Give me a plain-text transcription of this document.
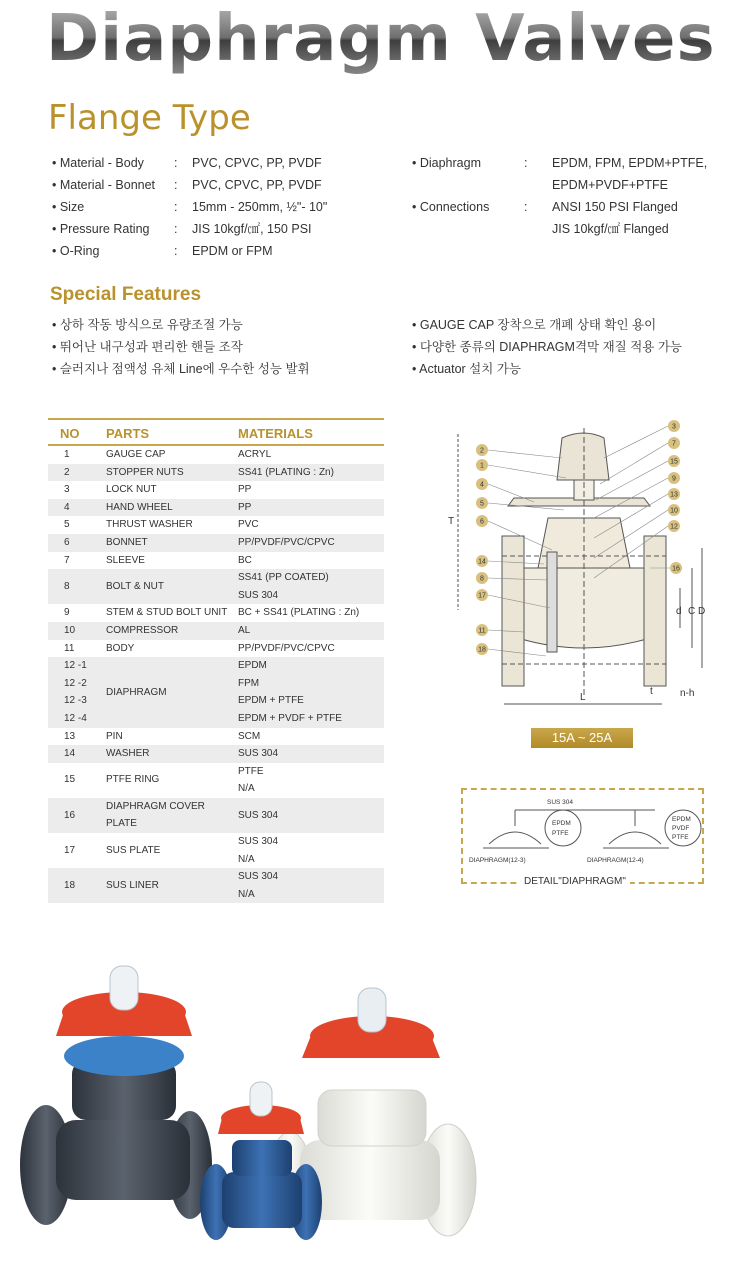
Diaphragm Valves
Flange Type
• Material - Body : PVC, CPVC, PP, PVDF
• Material - Bonnet : PVC, CPVC, PP, PVDF
• Size	: 15mm - 250mm, ½"- 10"
• Pressure Rating : JIS 10kgf/㎠, 150 PSI
• O-Ring	: EPDM or FPM
• Diaphragm	: EPDM, FPM, EPDM+PTFE,
EPDM+PVDF+PTFE
• Connections	: ANSI 150 PSI Flanged
JIS 10kgf/㎠ Flanged
Special Features
• 상하 작동 방식으로 유량조절 가능
• 뛰어난 내구성과 편리한 핸들 조작
• 슬러지나 점액성 유체 Line에 우수한 성능 발휘
• GAUGE CAP 장착으로 개폐 상태 확인 용이
• 다양한 종류의 DIAPHRAGM격막 재질 적용 가능
• Actuator 설치 가능
NO	PARTS	MATERIALS
1	GAUGE CAP	ACRYL
2	STOPPER NUTS	SS41 (PLATING : Zn)
3	LOCK NUT	PP
4	HAND WHEEL	PP
5	THRUST WASHER	PVC
6	BONNET	PP/PVDF/PVC/CPVC
7	SLEEVE	BC
8	BOLT & NUT	SS41 (PP COATED)
		SUS 304
9	STEM & STUD BOLT UNIT	BC + SS41 (PLATING : Zn)
10	COMPRESSOR	AL
11	BODY	PP/PVDF/PVC/CPVC
12 -1	DIAPHRAGM	EPDM
12 -2		FPM
12 -3		EPDM + PTFE
12 -4		EPDM + PVDF + PTFE
13	PIN	SCM
14	WASHER	SUS 304
15	PTFE RING	PTFE
		N/A
16	DIAPHRAGM COVER PLATE	SUS 304
17	SUS PLATE	SUS 304
		N/A
18	SUS LINER	SUS 304
		N/A
T
d C D
L
t	n-h
2
1
4
5
6
14
8
17
11
18
3
7
15
9
13
10
12
16
15A ~ 25A
SUS 304
DIAPHRAGM(12-3)	DIAPHRAGM(12-4)
EPDM
PTFE
EPDM
PVDF
PTFE
DETAIL"DIAPHRAGM"
